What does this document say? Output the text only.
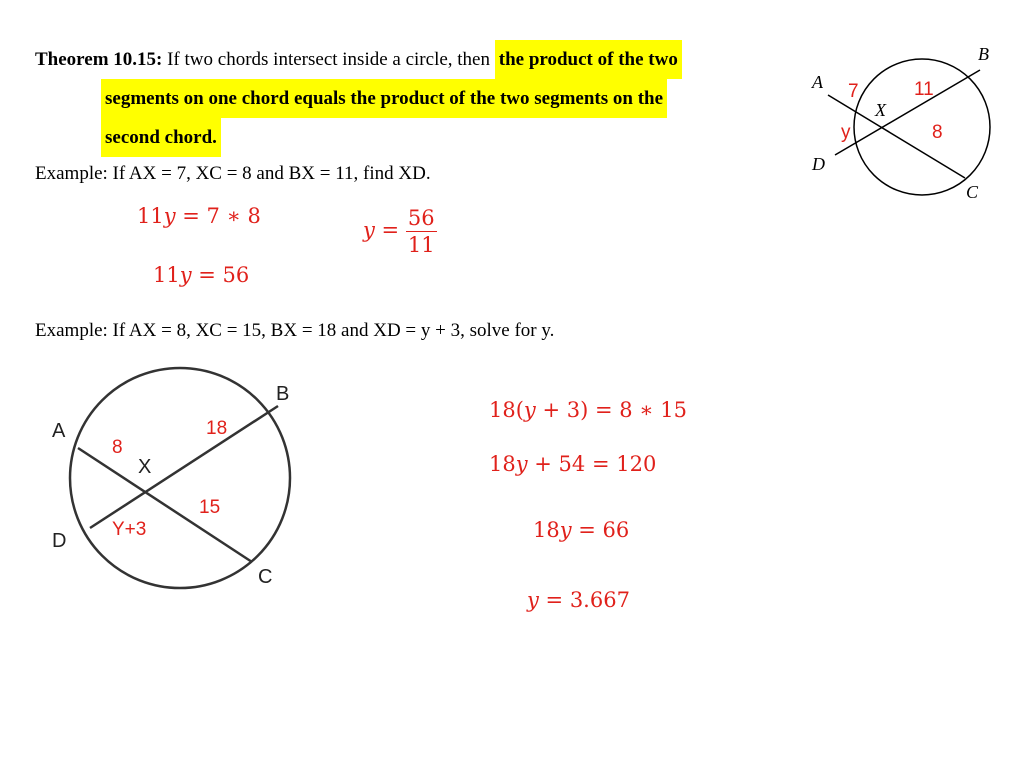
Theorem 10.15: If two chords intersect inside a circle, then the product of the two
segments on one chord equals the product of the two segments on the
second chord.
A
B
C
D
X
7	11
y	8
Example: If AX = 7, XC = 8 and BX = 11, find XD.
11y = 7 ∗ 8
11y = 56
$y = \frac{56}{11}$
Example: If AX = 8, XC = 15, BX = 18 and XD = y + 3, solve for y.
A
B
C
D
X
8
18
15
Y+3
18(y + 3) = 8 ∗ 15
18y + 54 = 120
18y = 66
y = 3.667
